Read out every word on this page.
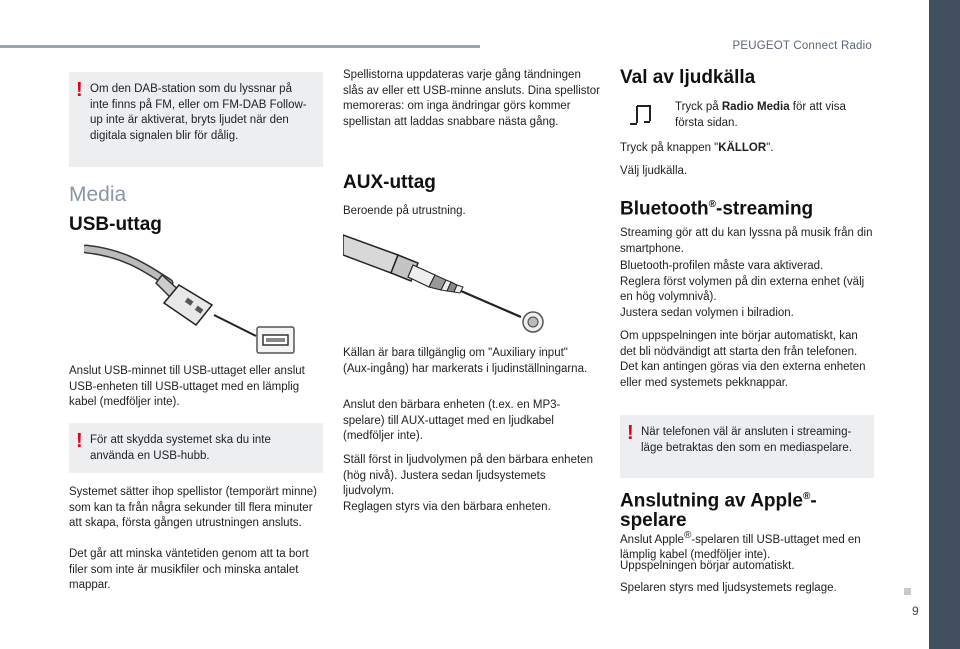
PEUGEOT Connect Radio
9
! Om den DAB-station som du lyssnar på inte finns på FM, eller om FM-DAB Follow-up inte är aktiverat, bryts ljudet när den digitala signalen blir för dålig.

Media
USB-uttag

Anslut USB-minnet till USB-uttaget eller anslut USB-enheten till USB-uttaget med en lämplig kabel (medföljer inte).

! För att skydda systemet ska du inte använda en USB-hubb.

Systemet sätter ihop spellistor (temporärt minne) som kan ta från några sekunder till flera minuter att skapa, första gången utrustningen ansluts.

Det går att minska väntetiden genom att ta bort filer som inte är musikfiler och minska antalet mappar.

Spellistorna uppdateras varje gång tändningen slås av eller ett USB-minne ansluts. Dina spellistor memoreras: om inga ändringar görs kommer spellistan att laddas snabbare nästa gång.

AUX-uttag

Beroende på utrustning.

Källan är bara tillgänglig om "Auxiliary input" (Aux-ingång) har markerats i ljudinställningarna.

Anslut den bärbara enheten (t.ex. en MP3-spelare) till AUX-uttaget med en ljudkabel (medföljer inte).

Ställ först in ljudvolymen på den bärbara enheten (hög nivå). Justera sedan ljudsystemets ljudvolym.

Reglagen styrs via den bärbara enheten.

Val av ljudkälla

Tryck på Radio Media för att visa första sidan.

Tryck på knappen "KÄLLOR".

Välj ljudkälla.

Bluetooth®-streaming

Streaming gör att du kan lyssna på musik från din smartphone.

Bluetooth-profilen måste vara aktiverad.

Reglera först volymen på din externa enhet (välj en hög volymnivå).

Justera sedan volymen i bilradion.

Om uppspelningen inte börjar automatiskt, kan det bli nödvändigt att starta den från telefonen. Det kan antingen göras via den externa enheten eller med systemets pekknappar.

! När telefonen väl är ansluten i streaming-läge betraktas den som en mediaspelare.

Anslutning av Apple®-
spelare

Anslut Apple®-spelaren till USB-uttaget med en lämplig kabel (medföljer inte).

Uppspelningen börjar automatiskt.

Spelaren styrs med ljudsystemets reglage.
